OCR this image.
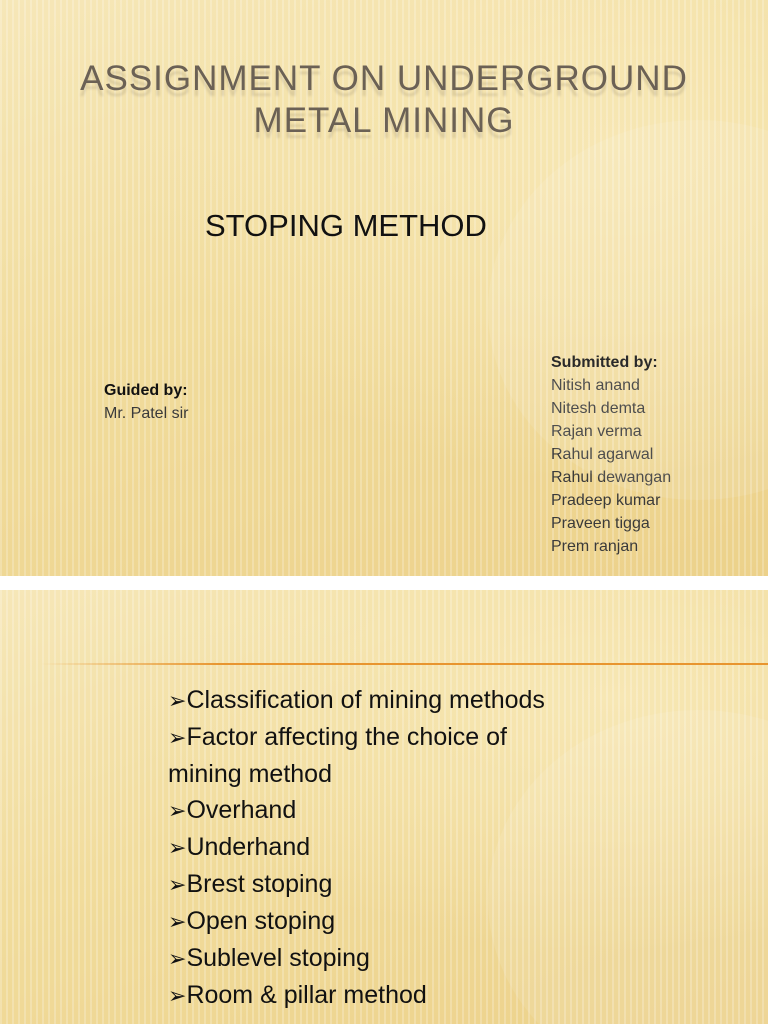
ASSIGNMENT ON UNDERGROUND METAL MINING
STOPING METHOD
Guided by:
Mr. Patel sir
Submitted by:
Nitish anand
Nitesh demta
Rajan verma
Rahul agarwal
Rahul dewangan
Pradeep kumar
Praveen tigga
Prem ranjan
➢Classification of mining methods
➢Factor affecting the choice of mining method
➢Overhand
➢Underhand
➢Brest stoping
➢Open stoping
➢Sublevel stoping
➢Room & pillar method
